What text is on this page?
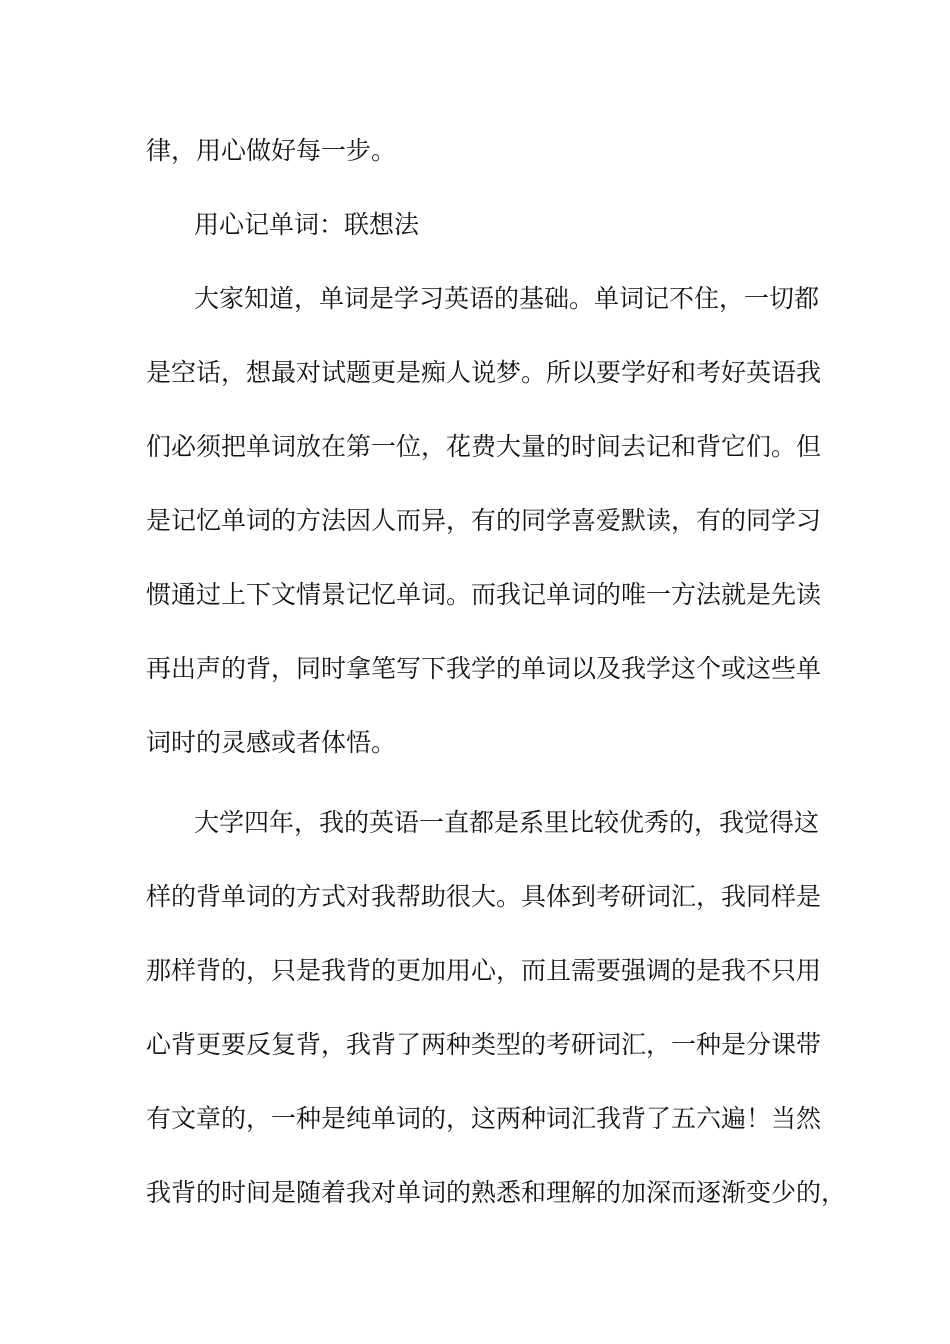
律，用心做好每一步。
用心记单词：联想法
大家知道，单词是学习英语的基础。单词记不住，一切都
是空话，想最对试题更是痴人说梦。所以要学好和考好英语我
们必须把单词放在第一位，花费大量的时间去记和背它们。但
是记忆单词的方法因人而异，有的同学喜爱默读，有的同学习
惯通过上下文情景记忆单词。而我记单词的唯一方法就是先读
再出声的背，同时拿笔写下我学的单词以及我学这个或这些单
词时的灵感或者体悟。
大学四年，我的英语一直都是系里比较优秀的，我觉得这
样的背单词的方式对我帮助很大。具体到考研词汇，我同样是
那样背的，只是我背的更加用心，而且需要强调的是我不只用
心背更要反复背，我背了两种类型的考研词汇，一种是分课带
有文章的，一种是纯单词的，这两种词汇我背了五六遍！当然
我背的时间是随着我对单词的熟悉和理解的加深而逐渐变少的，
